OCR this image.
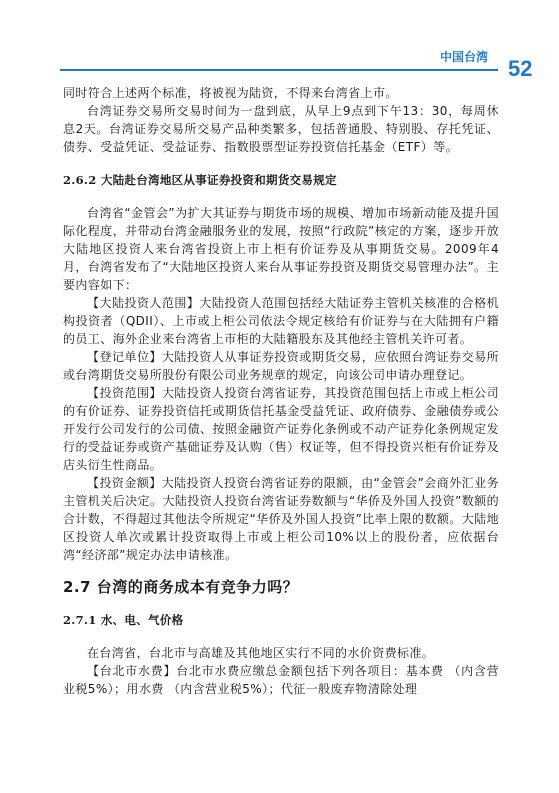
中国台湾 52

同时符合上述两个标准，将被视为陆资，不得来台湾省上市。

台湾证券交易所交易时间为一盘到底，从早上9点到下午13：30，每周休息2天。台湾证券交易所交易产品种类繁多，包括普通股、特别股、存托凭证、债券、受益凭证、受益证券、指数股票型证券投资信托基金（ETF）等。

2.6.2 大陆赴台湾地区从事证券投资和期货交易规定

台湾省“金管会”为扩大其证券与期货市场的规模、增加市场新动能及提升国际化程度，并带动台湾金融服务业的发展，按照“行政院”核定的方案，逐步开放大陆地区投资人来台湾省投资上市上柜有价证券及从事期货交易。2009年4月，台湾省发布了“大陆地区投资人来台从事证券投资及期货交易管理办法”。主要内容如下：

【大陆投资人范围】大陆投资人范围包括经大陆证券主管机关核准的合格机构投资者（QDII）、上市或上柜公司依法令规定核给有价证券与在大陆拥有户籍的员工、海外企业来台湾省上市柜的大陆籍股东及其他经主管机关许可者。

【登记单位】大陆投资人从事证券投资或期货交易，应依照台湾证券交易所或台湾期货交易所股份有限公司业务规章的规定，向该公司申请办理登记。

【投资范围】大陆投资人投资台湾省证券，其投资范围包括上市或上柜公司的有价证券、证券投资信托或期货信托基金受益凭证、政府债券、金融债券或公开发行公司发行的公司债、按照金融资产证券化条例或不动产证券化条例规定发行的受益证券或资产基础证券及认购（售）权证等，但不得投资兴柜有价证券及店头衍生性商品。

【投资金额】大陆投资人投资台湾省证券的限额，由“金管会”会商外汇业务主管机关后决定。大陆投资人投资台湾省证券数额与“华侨及外国人投资”数额的合计数，不得超过其他法令所规定“华侨及外国人投资”比率上限的数额。大陆地区投资人单次或累计投资取得上市或上柜公司10%以上的股份者，应依据台湾“经济部”规定办法申请核准。

2.7 台湾的商务成本有竞争力吗？
2.7.1 水、电、气价格

在台湾省，台北市与高雄及其他地区实行不同的水价资费标准。

【台北市水费】台北市水费应缴总金额包括下列各项目：基本费 （内含营业税5%）；用水费 （内含营业税5%）；代征一般废弃物清除处理
